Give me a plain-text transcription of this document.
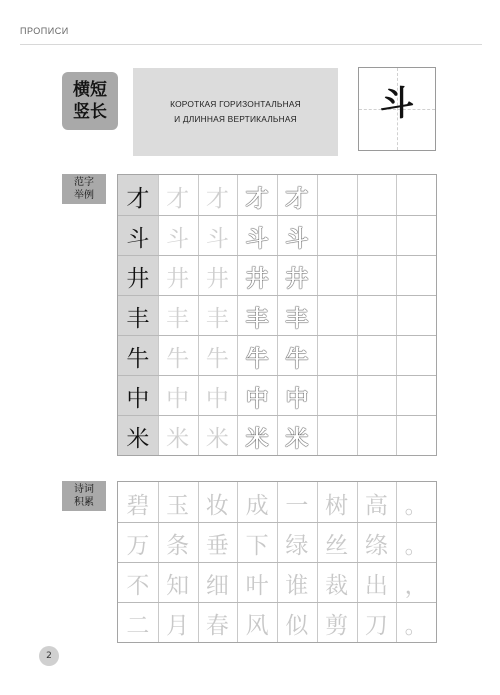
ПРОПИСИ
横短
竖长	КОРОТКАЯ ГОРИЗОНТАЛЬНАЯ
И ДЛИННАЯ ВЕРТИКАЛЬНАЯ	斗
范字
举例	才 才 才 才 才
斗 斗 斗 斗 斗
井 井 井 井 井
丰 丰 丰 丰 丰
牛 牛 牛 牛 牛
中 中 中 中 中
米 米 米 米 米
诗词
积累	碧 玉 妆 成 一 树 高 。
万 条 垂 下 绿 丝 绦 。
不 知 细 叶 谁 裁 出 ，
二 月 春 风 似 剪 刀 。
2
